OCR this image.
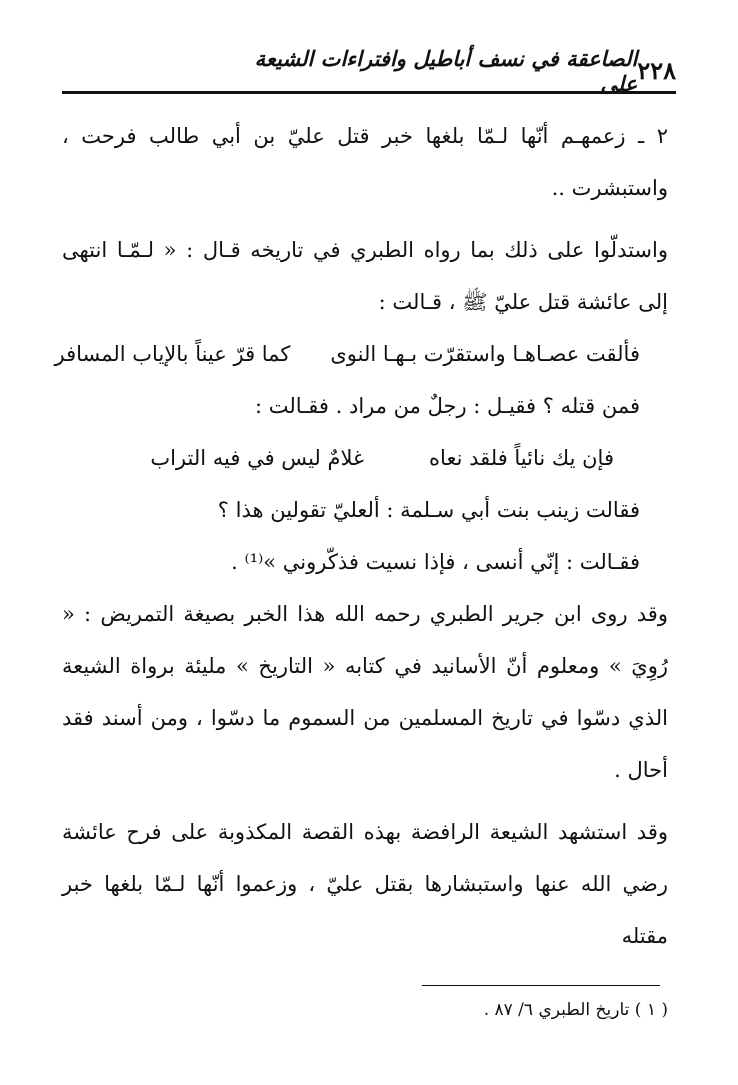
٢٢٨
الصاعقة في نسف أباطيل وافتراءات الشيعة على

٢ ـ زعمهـم أنّها لـمّا بلغها خبر قتل عليّ بن أبي طالب فرحت ، واستبشرت ..

واستدلّوا على ذلك بما رواه الطبري في تاريخه قـال : « لـمّـا انتهى إلى عائشة قتل عليّ ﷺ ، قـالت :

فألقت عصـاهـا واستقرّت بـهـا النوى
كما قرّ عيناً بالإياب المسافر
فمن قتله ؟ فقيـل : رجلٌ من مراد . فقـالت :
فإن يك نائياً فلقد نعاه
غلامٌ ليس في فيه التراب
فقالت زينب بنت أبي سـلمة : ألعليّ تقولين هذا ؟
فقـالت : إنّي أنسى ، فإذا نسيت فذكّروني »⁽¹⁾ .

وقد روى ابن جرير الطبري رحمه الله هذا الخبر بصيغة التمريض : « رُوِيَ » ومعلوم أنّ الأسانيد في كتابه « التاريخ » مليئة برواة الشيعة الذي دسّوا في تاريخ المسلمين من السموم ما دسّوا ، ومن أسند فقد أحال .

وقد استشهد الشيعة الرافضة بهذه القصة المكذوبة على فرح عائشة رضي الله عنها واستبشارها بقتل عليّ ، وزعموا أنّها لـمّا بلغها خبر مقتله

( ١ ) تاريخ الطبري ٦/ ٨٧ .
